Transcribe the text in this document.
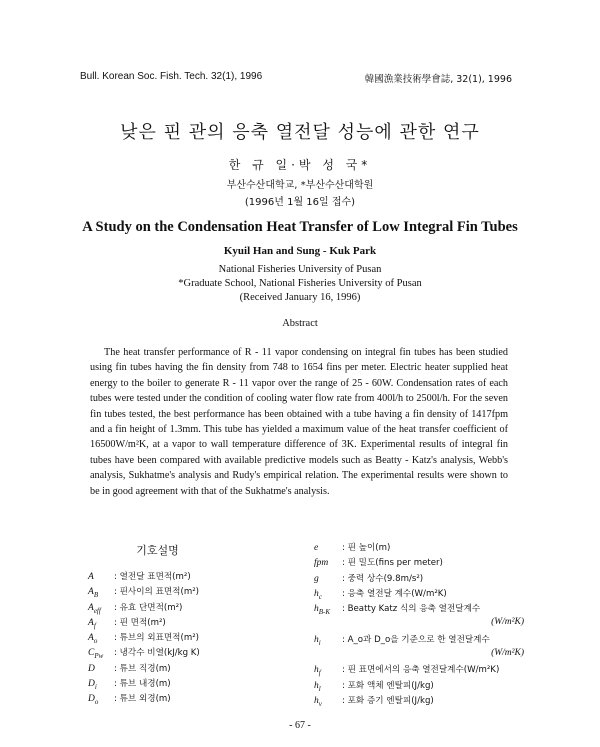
Bull. Korean Soc. Fish. Tech. 32(1), 1996	韓國漁業技術學會誌, 32(1), 1996
낮은 핀 관의 응축 열전달 성능에 관한 연구
한 규 일·박 성 국*
부산수산대학교, *부산수산대학원
(1996년 1월 16일 접수)
A Study on the Condensation Heat Transfer of Low Integral Fin Tubes
Kyuil Han and Sung - Kuk Park
National Fisheries University of Pusan
*Graduate School, National Fisheries University of Pusan
(Received January 16, 1996)
Abstract
The heat transfer performance of R - 11 vapor condensing on integral fin tubes has been studied using fin tubes having the fin density from 748 to 1654 fins per meter. Electric heater supplied heat energy to the boiler to generate R - 11 vapor over the range of 25 - 60W. Condensation rates of each tubes were tested under the condition of cooling water flow rate from 400l/h to 2500l/h. For the seven fin tubes tested, the best performance has been obtained with a tube having a fin density of 1417fpm and a fin height of 1.3mm. This tube has yielded a maximum value of the heat transfer coefficient of 16500W/m²K, at a vapor to wall temperature difference of 3K. Experimental results of integral fin tubes have been compared with available predictive models such as Beatty - Katz's analysis, Webb's analysis, Sukhatme's analysis and Rudy's empirical relation. The experimental results were shown to be in good agreement with that of the Sukhatme's analysis.
기호설명
A	: 열전달 표면적(m²)
$A_B$	: 핀사이의 표면적(m²)
$A_{eff}$	: 유효 단면적(m²)
$A_f$	: 핀 면적(m²)
$A_o$	: 튜브의 외표면적(m²)
$C_{Pw}$	: 냉각수 비열(kJ/kg K)
D	: 튜브 직경(m)
$D_i$	: 튜브 내경(m)
$D_o$	: 튜브 외경(m)
e	: 핀 높이(m)
fpm	: 핀 밀도(fins per meter)
g	: 중력 상수(9.8m/s²)
$h_c$	: 응축 열전달 계수(W/m²K)
$h_{B-K}$	: Beatty Katz 식의 응축 열전달계수
(W/m²K)
$h_i$	: A_o과 D_o을 기준으로 한 열전달계수
(W/m²K)
$h_f$	: 핀 표면에서의 응축 열전달계수(W/m²K)
$h_l$	: 포화 액체 엔탈피(J/kg)
$h_v$	: 포화 증기 엔탈피(J/kg)
- 67 -
